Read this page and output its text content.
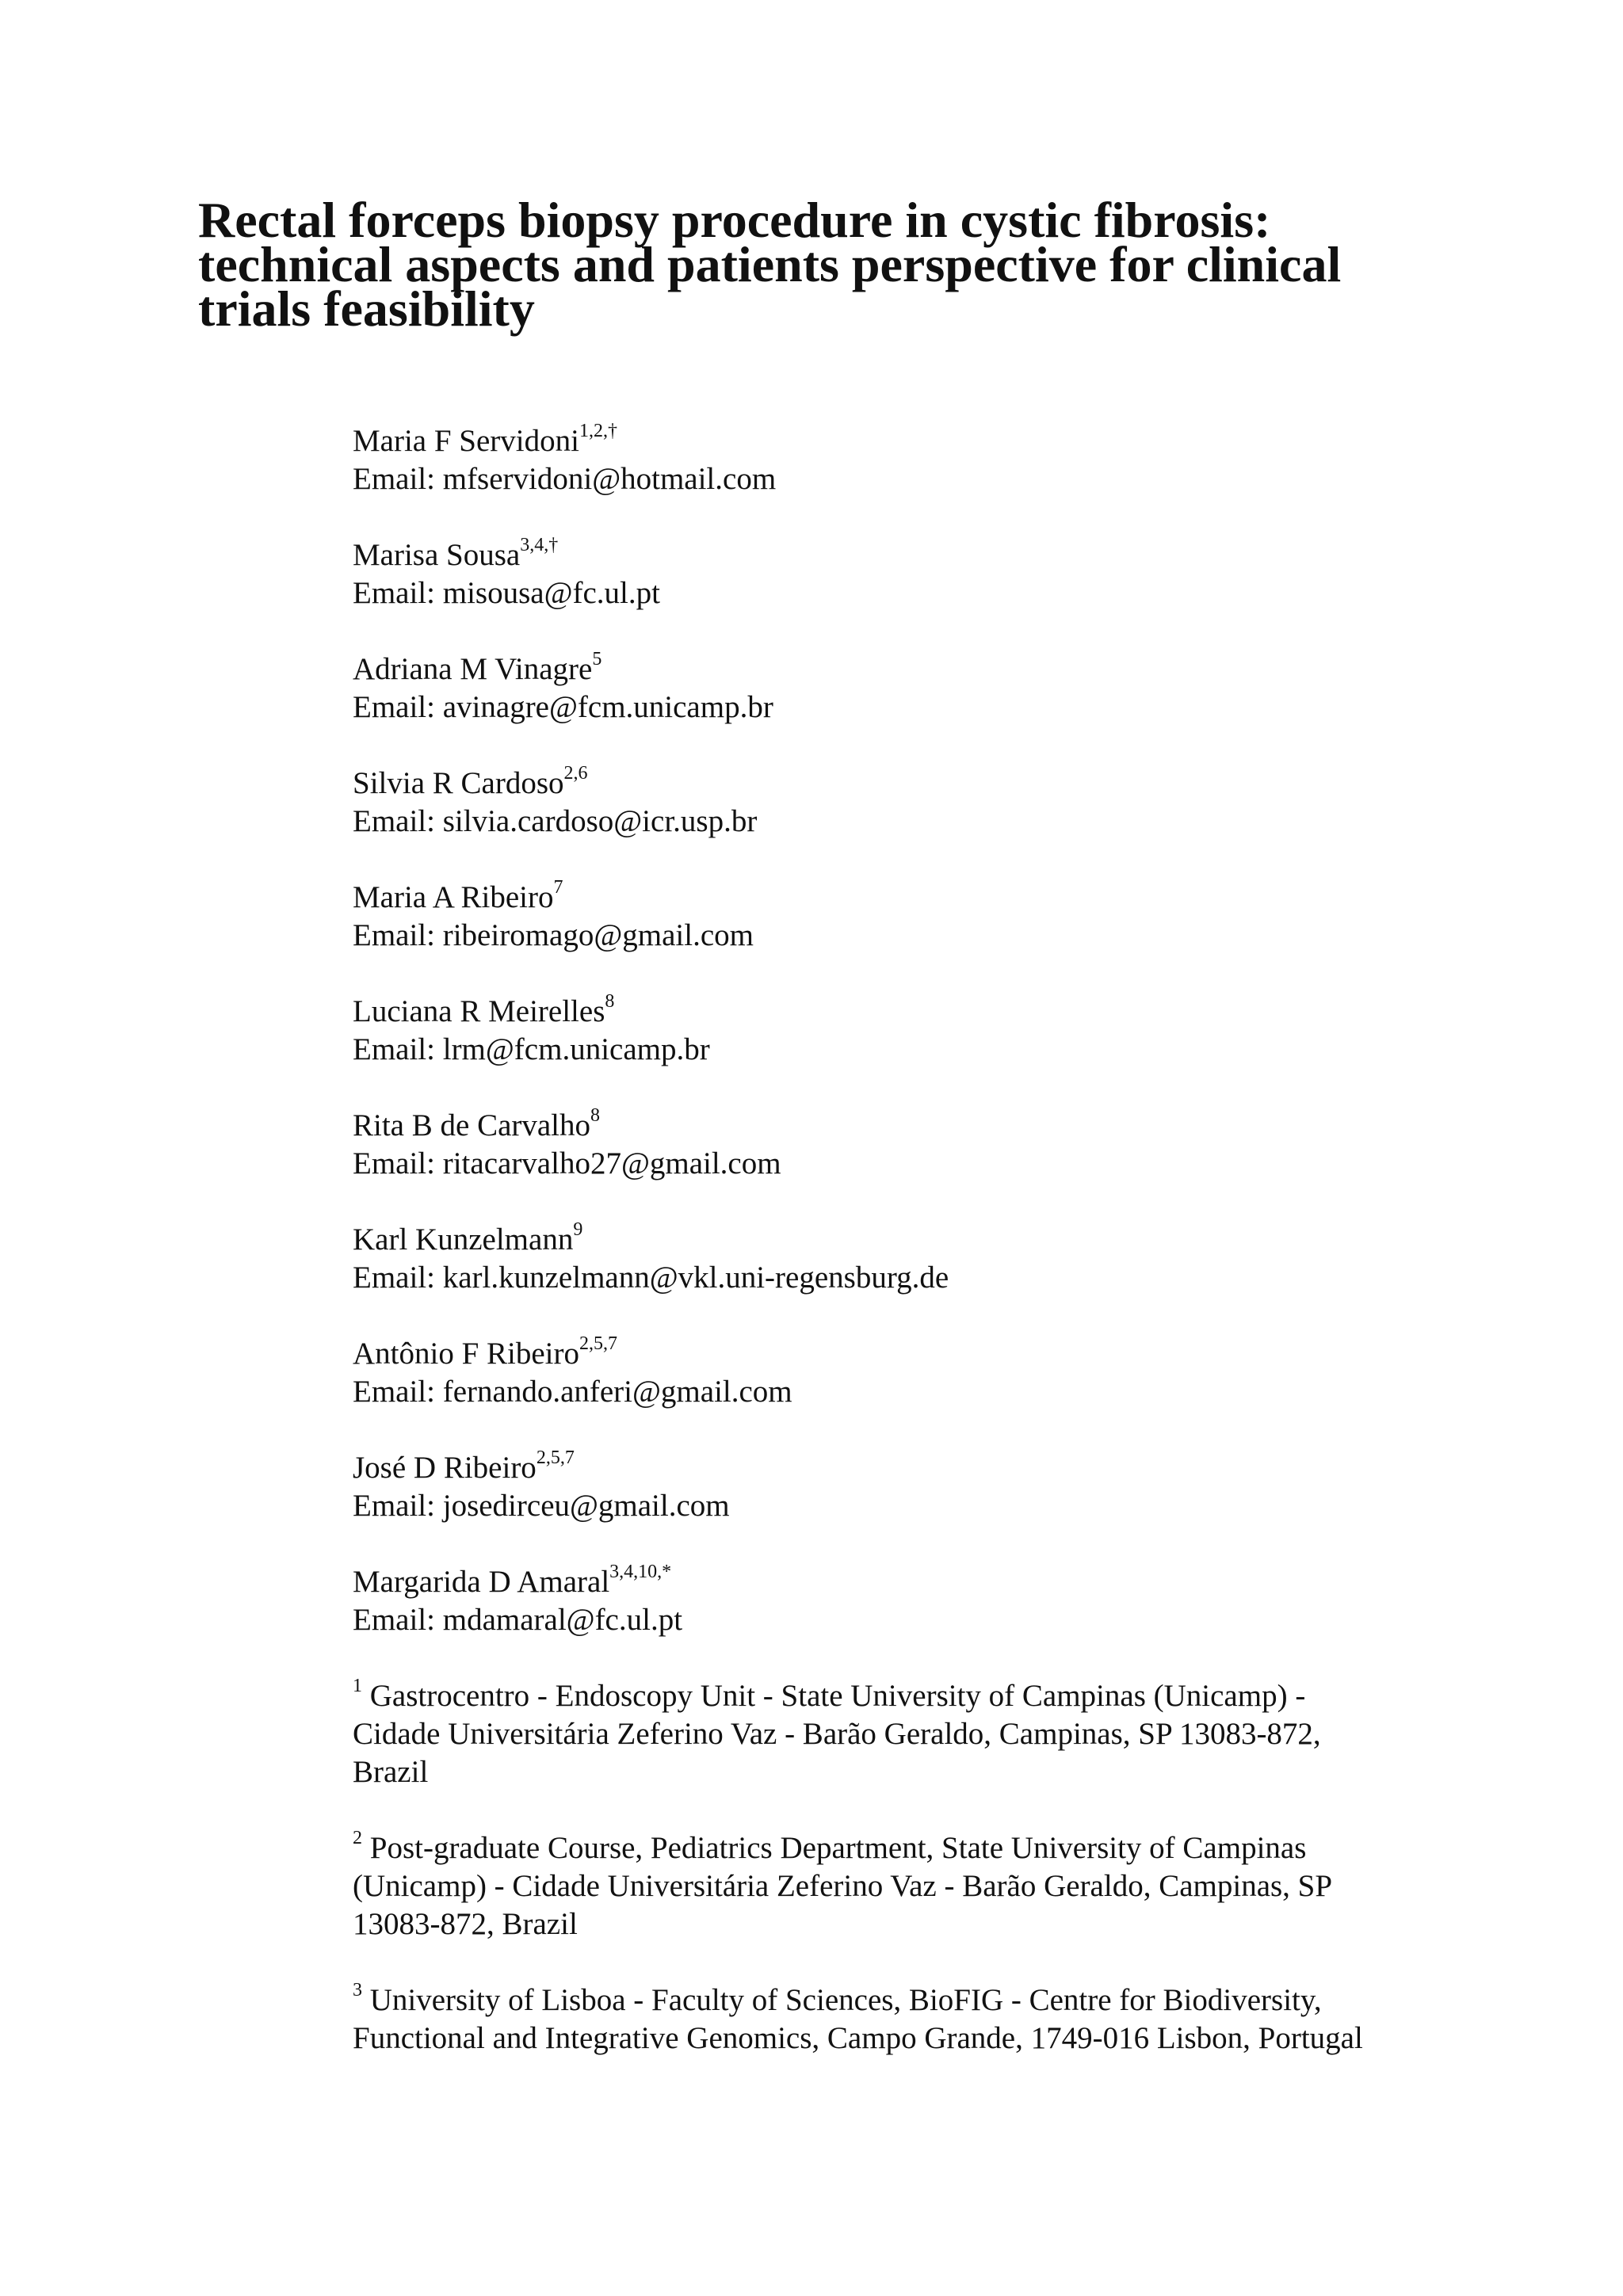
Rectal forceps biopsy procedure in cystic fibrosis:
technical aspects and patients perspective for clinical
trials feasibility
Maria F Servidoni$^{1,2,\dagger}$
Email: mfservidoni@hotmail.com
Marisa Sousa$^{3,4,\dagger}$
Email: misousa@fc.ul.pt
Adriana M Vinagre$^5$
Email: avinagre@fcm.unicamp.br
Silvia R Cardoso$^{2,6}$
Email: silvia.cardoso@icr.usp.br
Maria A Ribeiro$^7$
Email: ribeiromago@gmail.com
Luciana R Meirelles$^8$
Email: lrm@fcm.unicamp.br
Rita B de Carvalho$^8$
Email: ritacarvalho27@gmail.com
Karl Kunzelmann$^9$
Email: karl.kunzelmann@vkl.uni-regensburg.de
Antônio F Ribeiro$^{2,5,7}$
Email: fernando.anferi@gmail.com
José D Ribeiro$^{2,5,7}$
Email: josedirceu@gmail.com
Margarida D Amaral$^{3,4,10,*}$
Email: mdamaral@fc.ul.pt
$^1$ Gastrocentro - Endoscopy Unit - State University of Campinas (Unicamp) -
Cidade Universitária Zeferino Vaz - Barão Geraldo, Campinas, SP 13083-872,
Brazil
$^2$ Post-graduate Course, Pediatrics Department, State University of Campinas
(Unicamp) - Cidade Universitária Zeferino Vaz - Barão Geraldo, Campinas, SP
13083-872, Brazil
$^3$ University of Lisboa - Faculty of Sciences, BioFIG - Centre for Biodiversity,
Functional and Integrative Genomics, Campo Grande, 1749-016 Lisbon, Portugal
